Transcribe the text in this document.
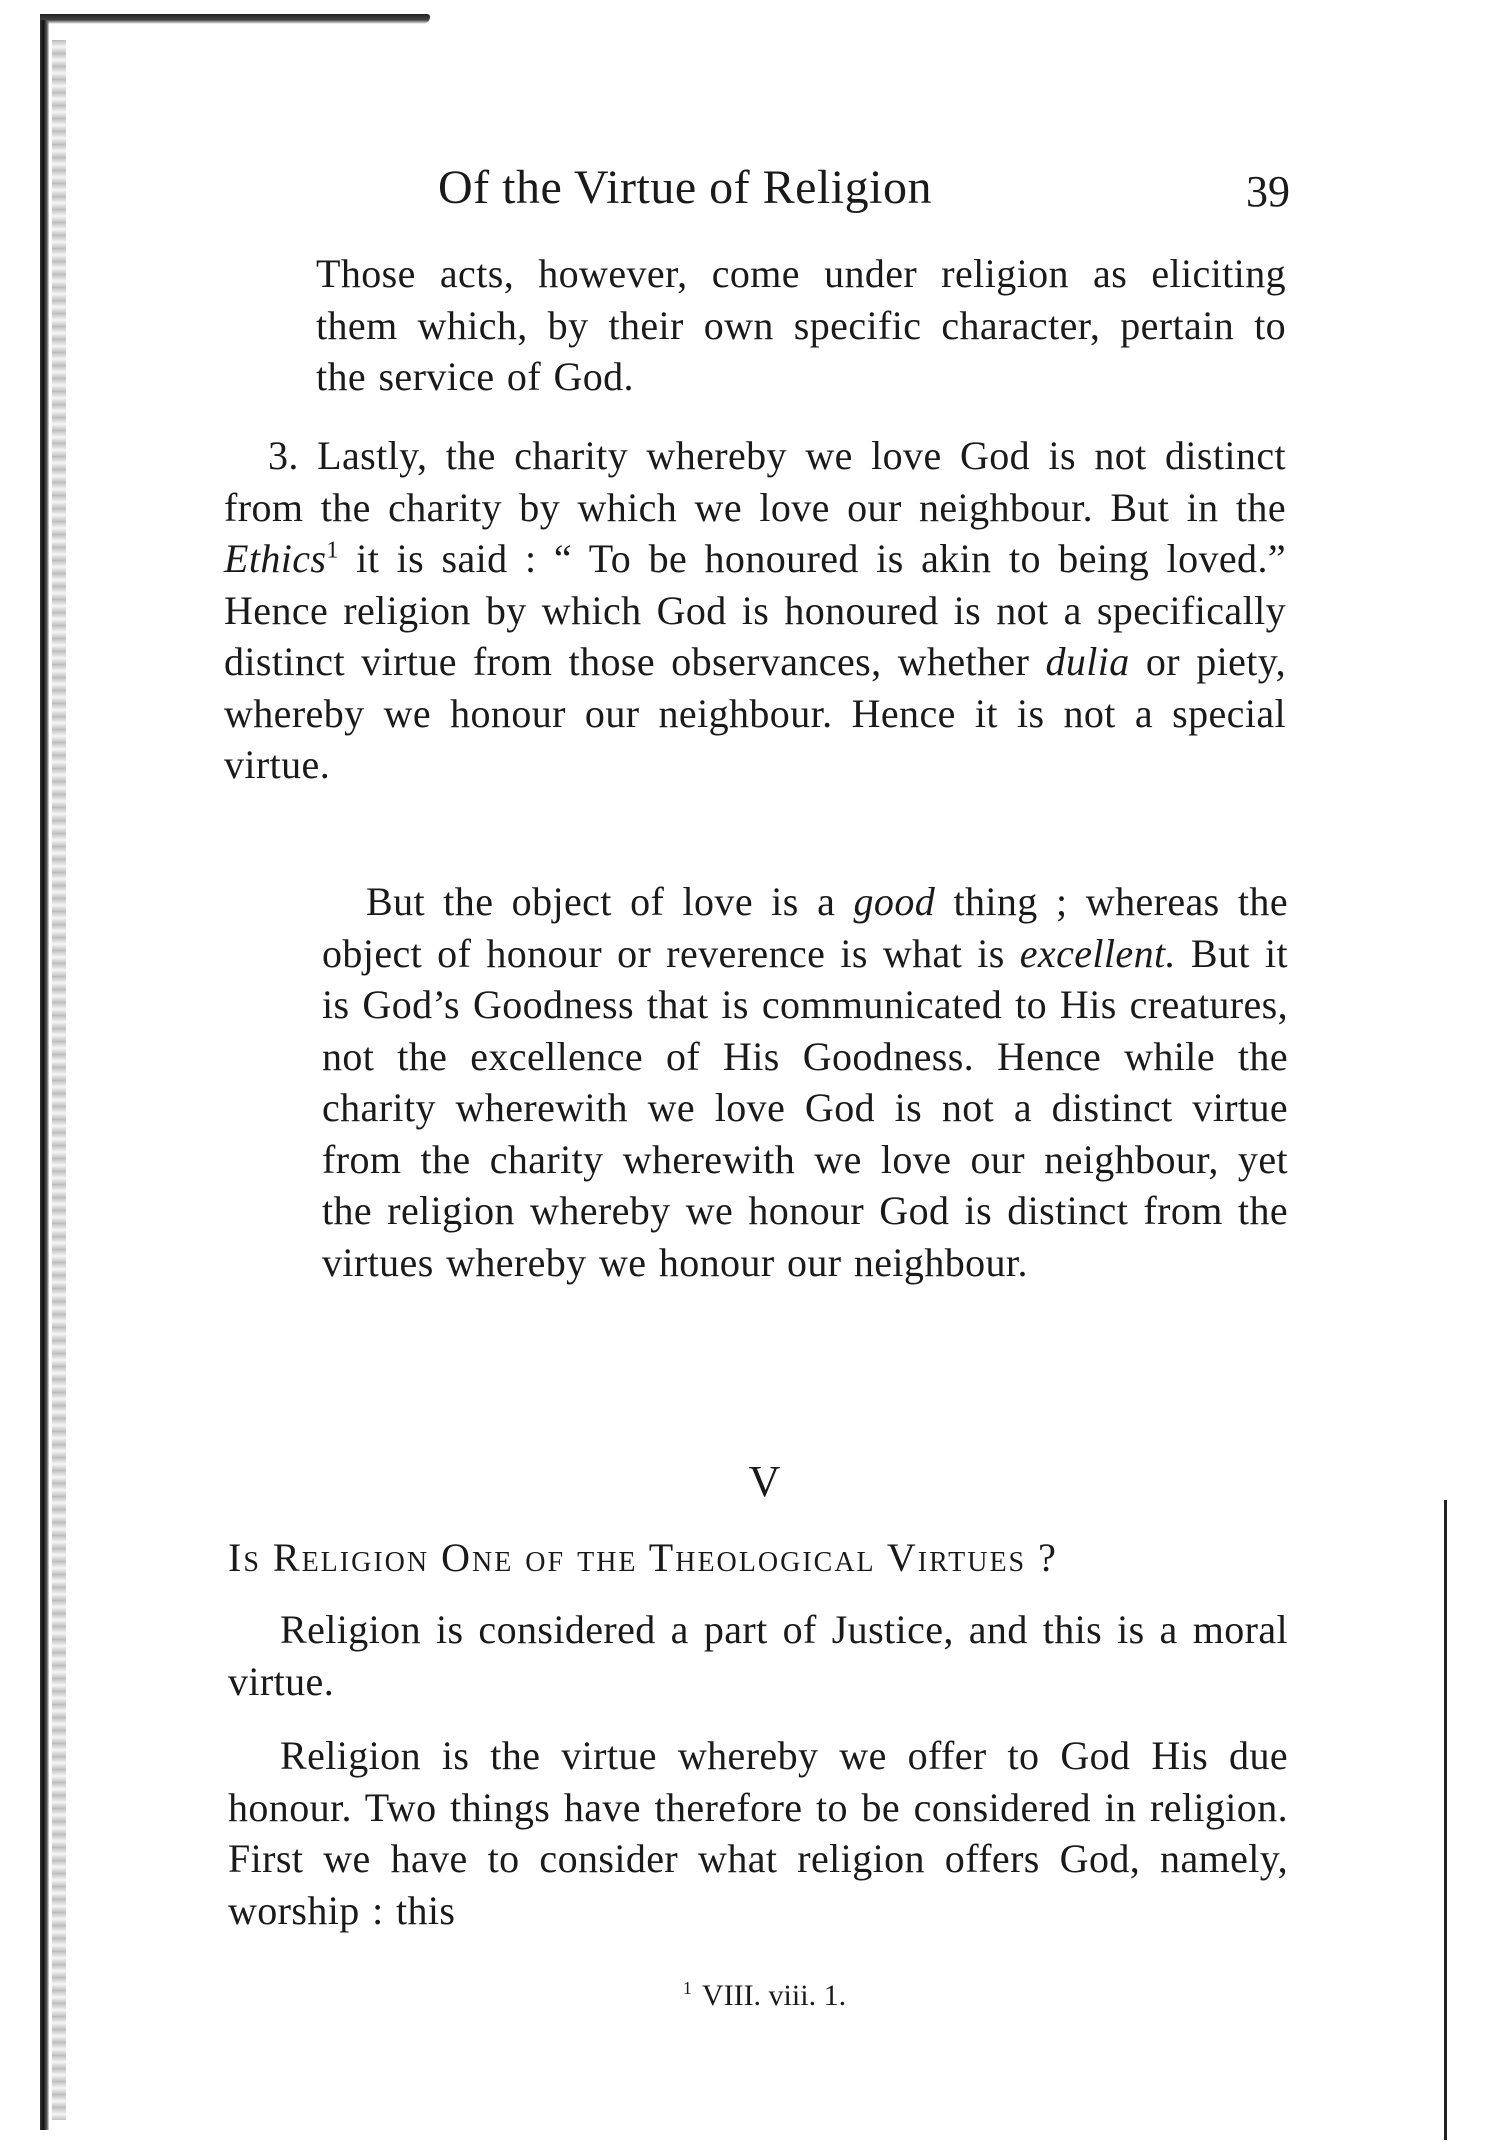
Of the Virtue of Religion	39

Those acts, however, come under religion as eliciting them which, by their own specific character, pertain to the service of God.

3. Lastly, the charity whereby we love God is not distinct from the charity by which we love our neighbour. But in the Ethics$^1$ it is said : “ To be honoured is akin to being loved.” Hence religion by which God is honoured is not a specifically distinct virtue from those observances, whether dulia or piety, whereby we honour our neighbour. Hence it is not a special virtue.

But the object of love is a good thing ; whereas the object of honour or reverence is what is excellent. But it is God’s Goodness that is communicated to His creatures, not the excellence of His Goodness. Hence while the charity wherewith we love God is not a distinct virtue from the charity wherewith we love our neighbour, yet the religion whereby we honour God is distinct from the virtues whereby we honour our neighbour.

V
Is Religion One of the Theological Virtues ?

Religion is considered a part of Justice, and this is a moral virtue.

Religion is the virtue whereby we offer to God His due honour. Two things have therefore to be considered in religion. First we have to consider what religion offers God, namely, worship : this

$^1$ VIII. viii. 1.
